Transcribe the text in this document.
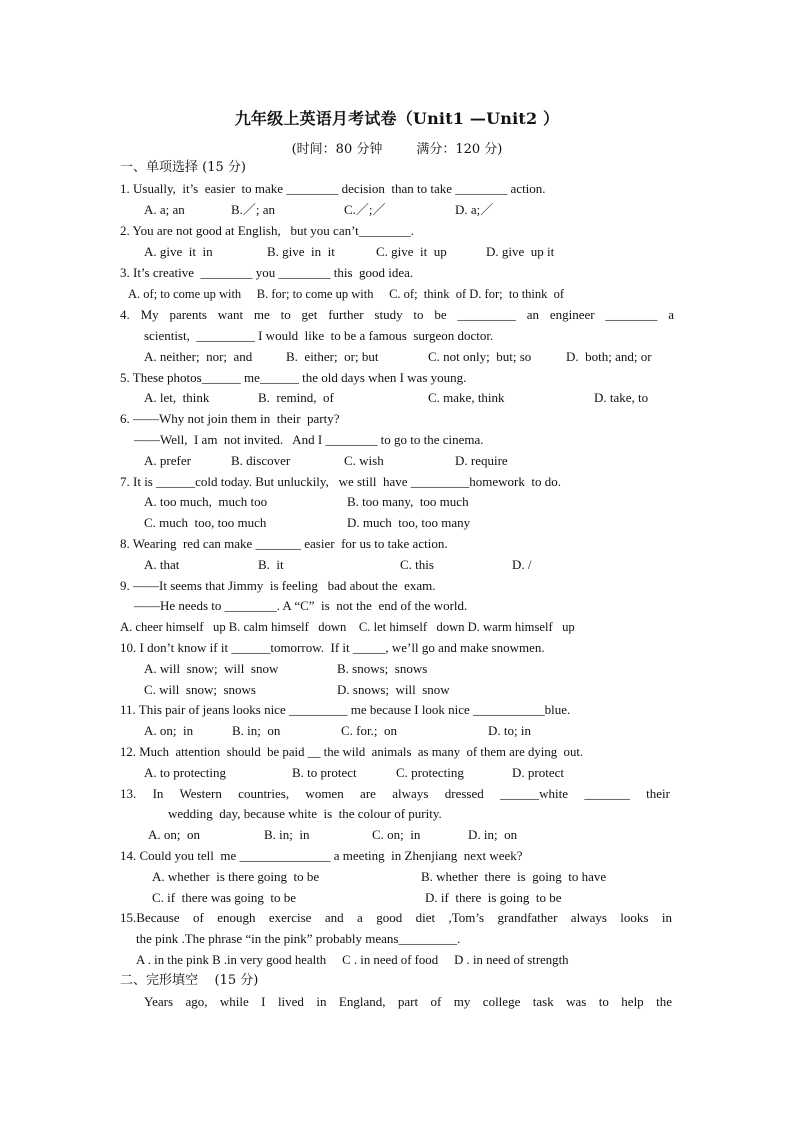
九年级上英语月考试卷（Unit1 —Unit2 ）
(时间：80 分钟	满分：120 分)
一、单项选择 (15 分)
1. Usually,  it’s  easier  to make ________ decision  than to take ________ action.

A. a; an

	B.／; an

	C.／;／

	D. a;／

2. You are not good at English,   but you can’t________.

A. give  it  in

	B. give  in  it

	C. give  it  up

	D. give  up it

3. It’s creative  ________ you ________ this  good idea.
A. of; to come up with     B. for; to come up with     C. of;  think  of D. for;  to think  of
4. My parents want me to get further study to be _________ an engineer ________ a
scientist,  _________ I would  like  to be a famous  surgeon doctor.

A. neither;  nor;  and

	B.  either;  or; but

	C. not only;  but; so

	D.  both; and; or

5. These photos______ me______ the old days when I was young.

A. let,  think

	B.  remind,  of

	C. make, think

	D. take, to

6. ——Why not join them in  their  party?
——Well,  I am  not invited.   And I ________ to go to the cinema.

A. prefer

	B. discover

	C. wish

	D. require

7. It is ______cold today. But unluckily,   we still  have _________homework  to do.

A. too much,  much too

	B. too many,  too much

C. much  too, too much

	D. much  too, too many

8. Wearing  red can make _______ easier  for us to take action.

A. that

	B.  it

	C. this

	D. /

9. ——It seems that Jimmy  is feeling   bad about the  exam.
——He needs to ________. A “C”  is  not the  end of the world.
A. cheer himself   up B. calm himself   down    C. let himself   down D. warm himself   up
10. I don’t know if it ______tomorrow.  If it _____, we’ll go and make snowmen.

A. will  snow;  will  snow

	B. snows;  snows

C. will  snow;  snows

	D. snows;  will  snow

11. This pair of jeans looks nice _________ me because I look nice ___________blue.

A. on;  in

	B. in;  on

	C. for.;  on

	D. to; in

12. Much  attention  should  be paid __ the wild  animals  as many  of them are dying  out.

A. to protecting

	B. to protect

	C. protecting

	D. protect

13. In Western countries, women are always dressed ______white _______ their
wedding  day, because white  is  the colour of purity.

A. on;  on

	B. in;  in

	C. on;  in

	D. in;  on

14. Could you tell  me ______________ a meeting  in Zhenjiang  next week?

A. whether  is there going  to be

	B. whether  there  is  going  to have

C. if  there was going  to be

	D. if  there  is going  to be

15.Because of enough exercise and a good diet ,Tom’s grandfather always looks in
the pink .The phrase “in the pink” probably means_________.
A . in the pink B .in very good health     C . in need of food     D . in need of strength
二、完形填空    (15 分)
Years ago, while I lived in England, part of my college task was to help the
